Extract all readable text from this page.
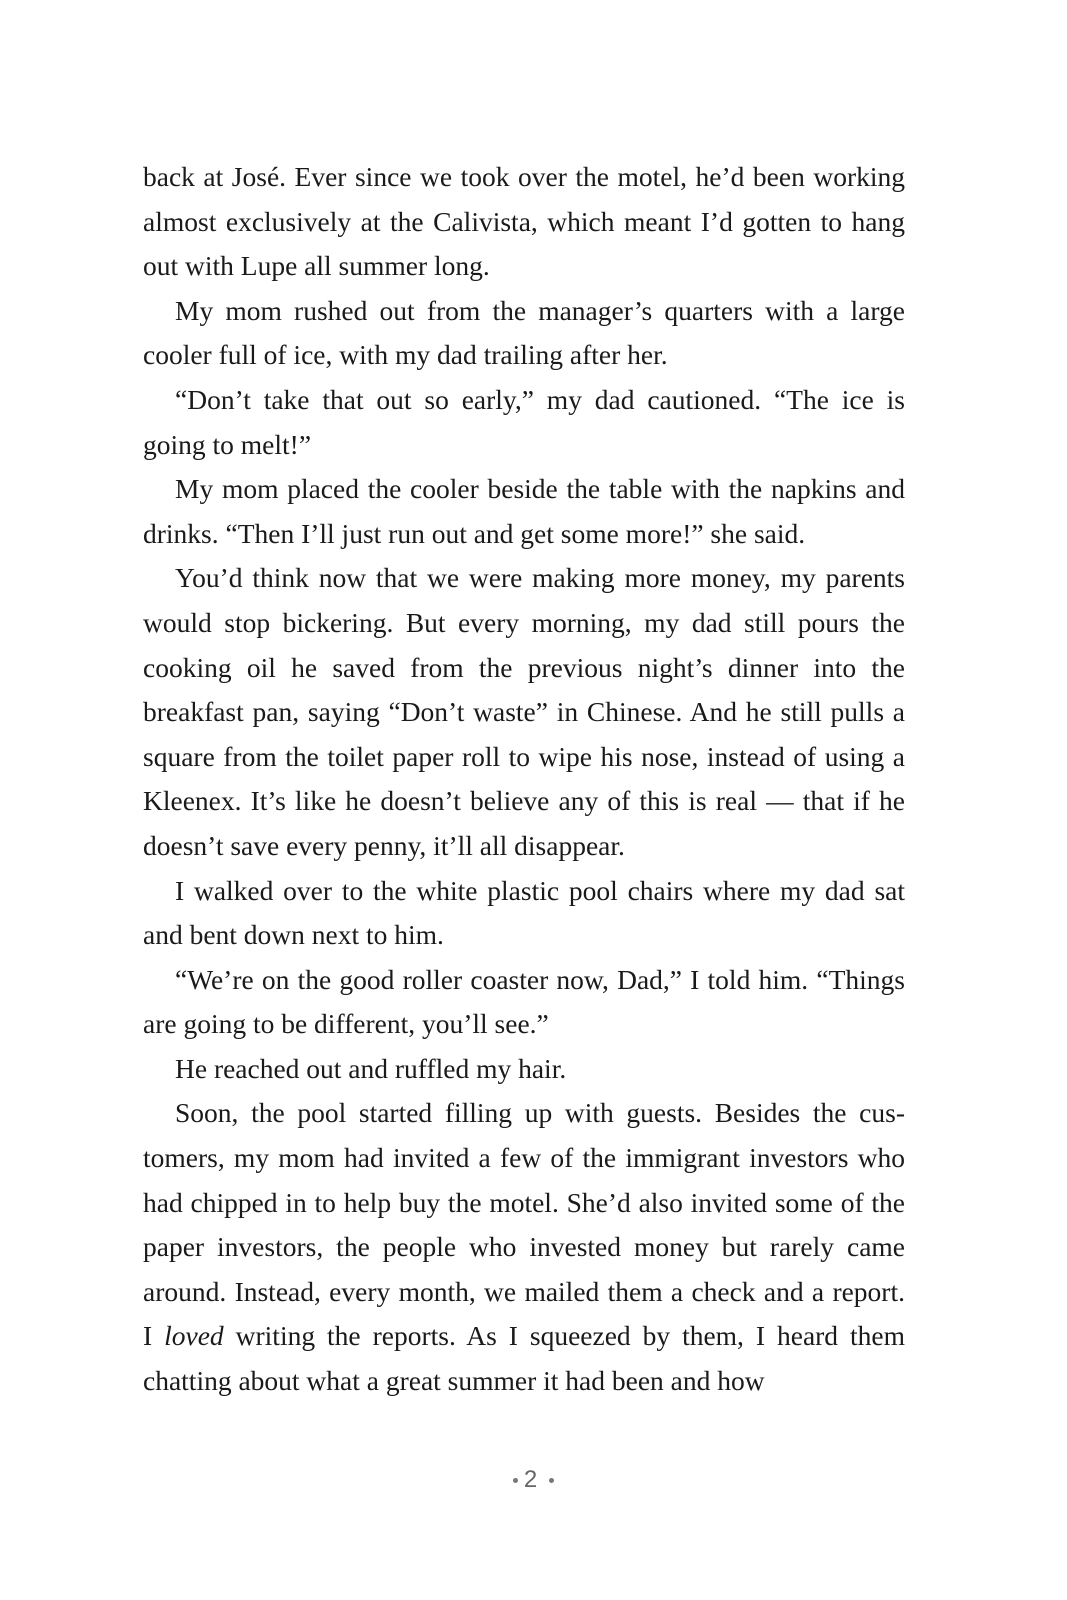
back at José. Ever since we took over the motel, he’d been working almost exclusively at the Calivista, which meant I’d gotten to hang out with Lupe all summer long.

My mom rushed out from the manager’s quarters with a large cooler full of ice, with my dad trailing after her.

“Don’t take that out so early,” my dad cautioned. “The ice is going to melt!”

My mom placed the cooler beside the table with the napkins and drinks. “Then I’ll just run out and get some more!” she said.

You’d think now that we were making more money, my parents would stop bickering. But every morning, my dad still pours the cooking oil he saved from the previous night’s dinner into the breakfast pan, saying “Don’t waste” in Chinese. And he still pulls a square from the toilet paper roll to wipe his nose, instead of using a Kleenex. It’s like he doesn’t believe any of this is real — that if he doesn’t save every penny, it’ll all disappear.

I walked over to the white plastic pool chairs where my dad sat and bent down next to him.

“We’re on the good roller coaster now, Dad,” I told him. “Things are going to be different, you’ll see.”

He reached out and ruffled my hair.

Soon, the pool started filling up with guests. Besides the customers, my mom had invited a few of the immigrant investors who had chipped in to help buy the motel. She’d also invited some of the paper investors, the people who invested money but rarely came around. Instead, every month, we mailed them a check and a report. I loved writing the reports. As I squeezed by them, I heard them chatting about what a great summer it had been and how

2
